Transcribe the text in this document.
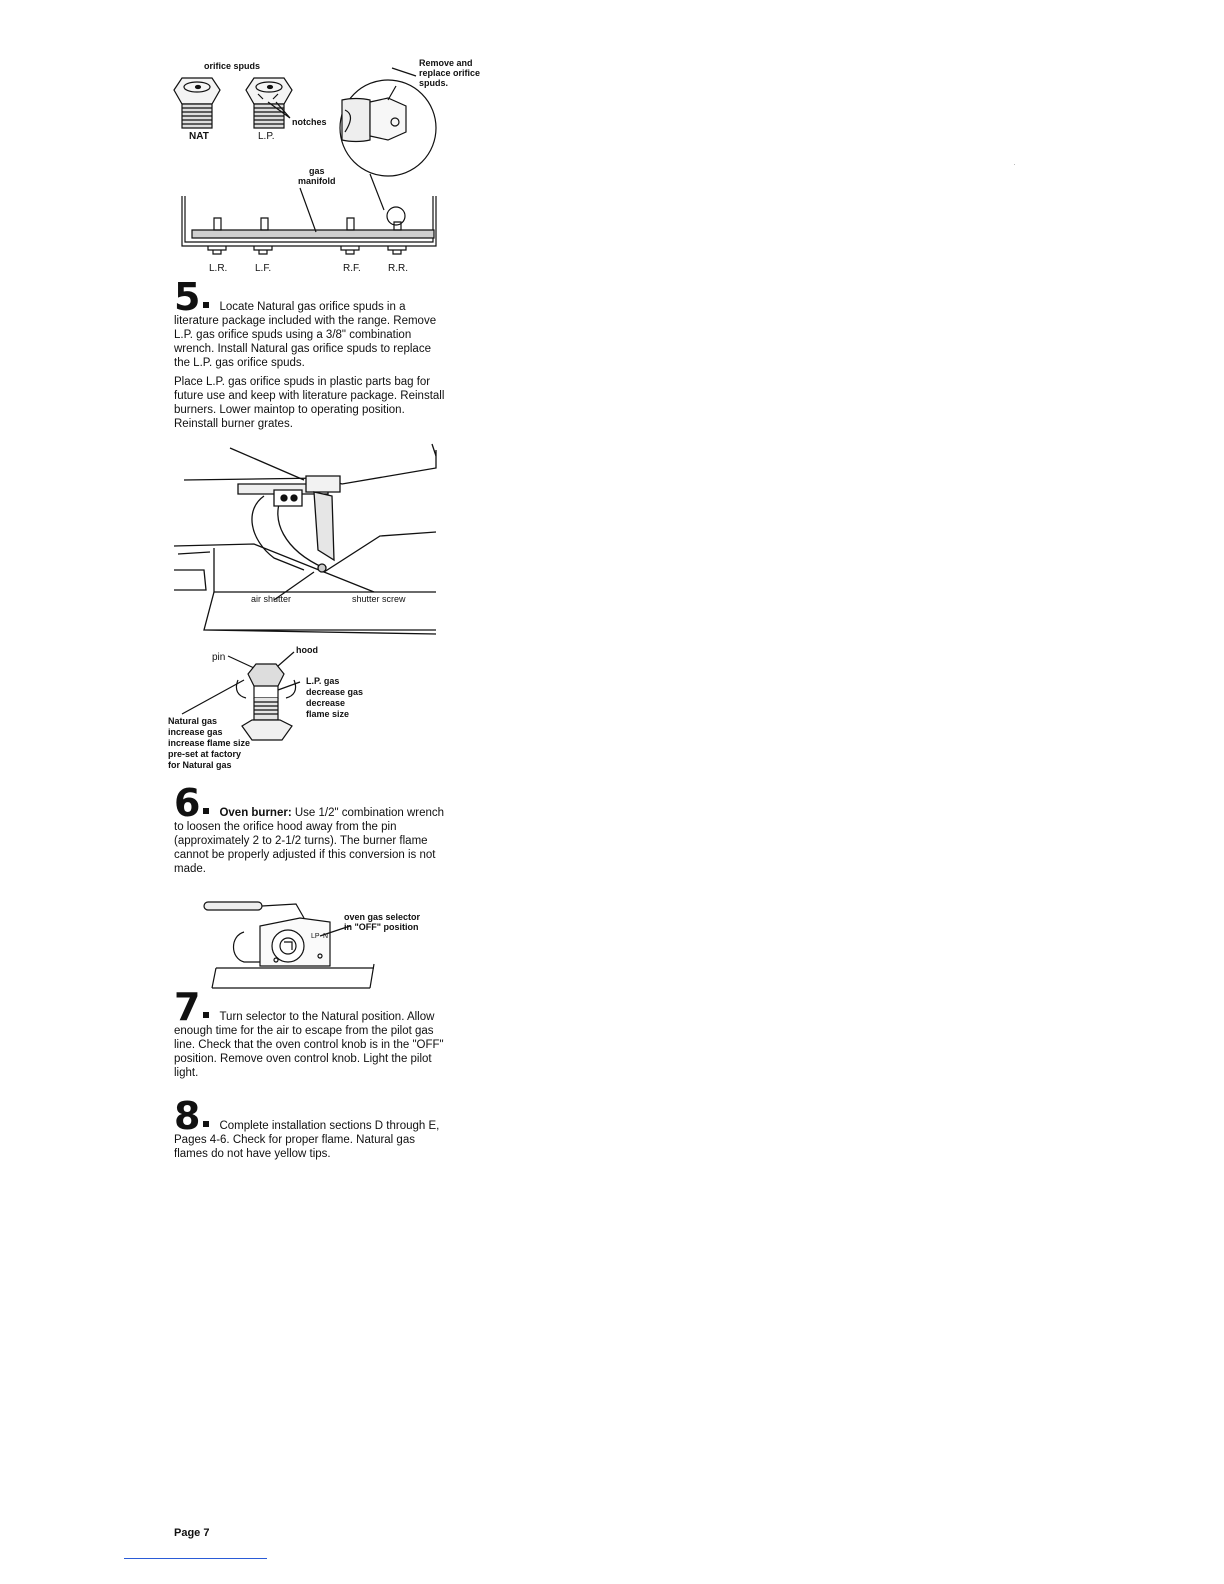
orifice spuds	Remove and
replace orifice
spuds.
notches
NAT	L.P.
gas
manifold
L.R.	L.F.	R.F.	R.R.

5 Locate Natural gas orifice spuds in a literature package included with the range. Remove L.P. gas orifice spuds using a 3/8" combination wrench. Install Natural gas orifice spuds to replace the L.P. gas orifice spuds.

Place L.P. gas orifice spuds in plastic parts bag for future use and keep with literature package. Reinstall burners. Lower maintop to operating position. Reinstall burner grates.

air shutter	shutter screw
pin
hood
L.P. gas
decrease gas
decrease
flame size
Natural gas
increase gas
increase flame size
pre-set at factory
for Natural gas

6 Oven burner: Use 1/2" combination wrench to loosen the orifice hood away from the pin (approximately 2 to 2-1/2 turns). The burner flame cannot be properly adjusted if this conversion is not made.

LP N
oven gas selector
in "OFF" position

7 Turn selector to the Natural position. Allow enough time for the air to escape from the pilot gas line. Check that the oven control knob is in the "OFF" position. Remove oven control knob. Light the pilot light.

8 Complete installation sections D through E, Pages 4-6. Check for proper flame. Natural gas flames do not have yellow tips.

Page 7
